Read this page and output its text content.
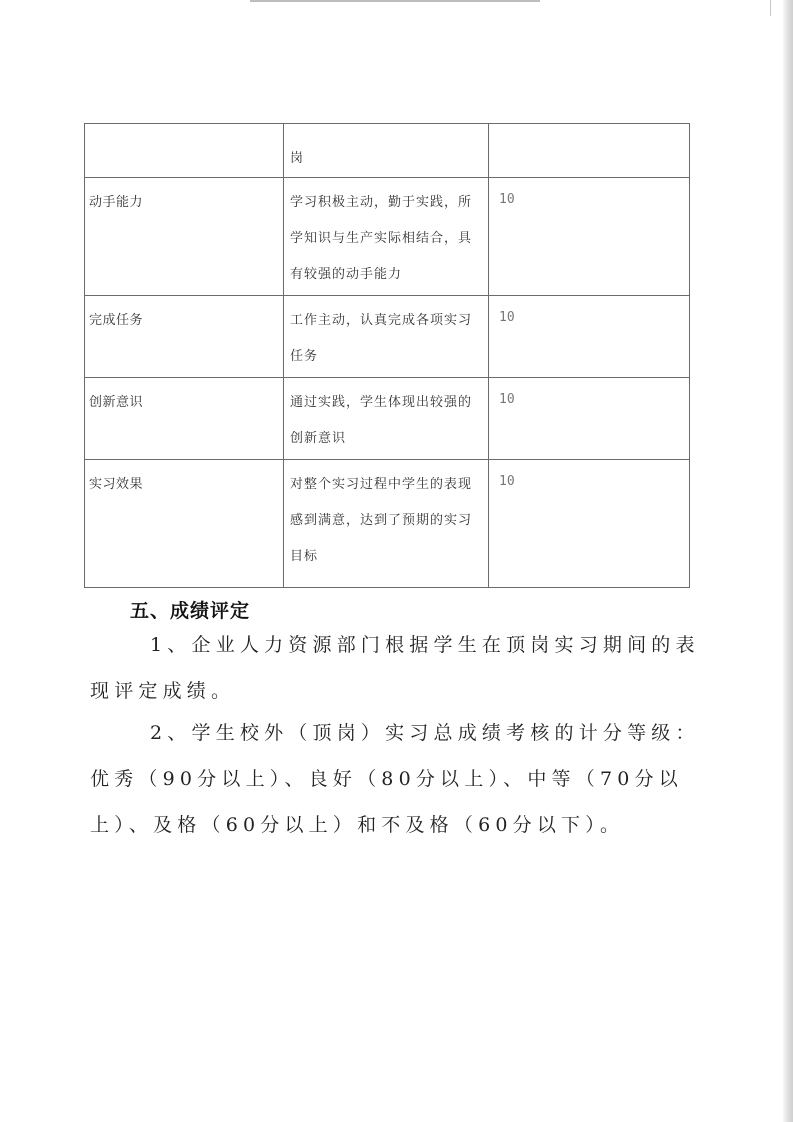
	岗	

动手能力	学习积极主动，勤于实践，所学知识与生产实际相结合，具有较强的动手能力	10

完成任务	工作主动，认真完成各项实习任务	10

创新意识	通过实践，学生体现出较强的创新意识	10

实习效果	对整个实习过程中学生的表现感到满意，达到了预期的实习目标	10
五、成绩评定
1、企业人力资源部门根据学生在顶岗实习期间的表现评定成绩。
2、学生校外（顶岗）实习总成绩考核的计分等级：优秀（90分以上）、良好（80分以上）、中等（70分以上）、及格（60分以上）和不及格（60分以下）。
